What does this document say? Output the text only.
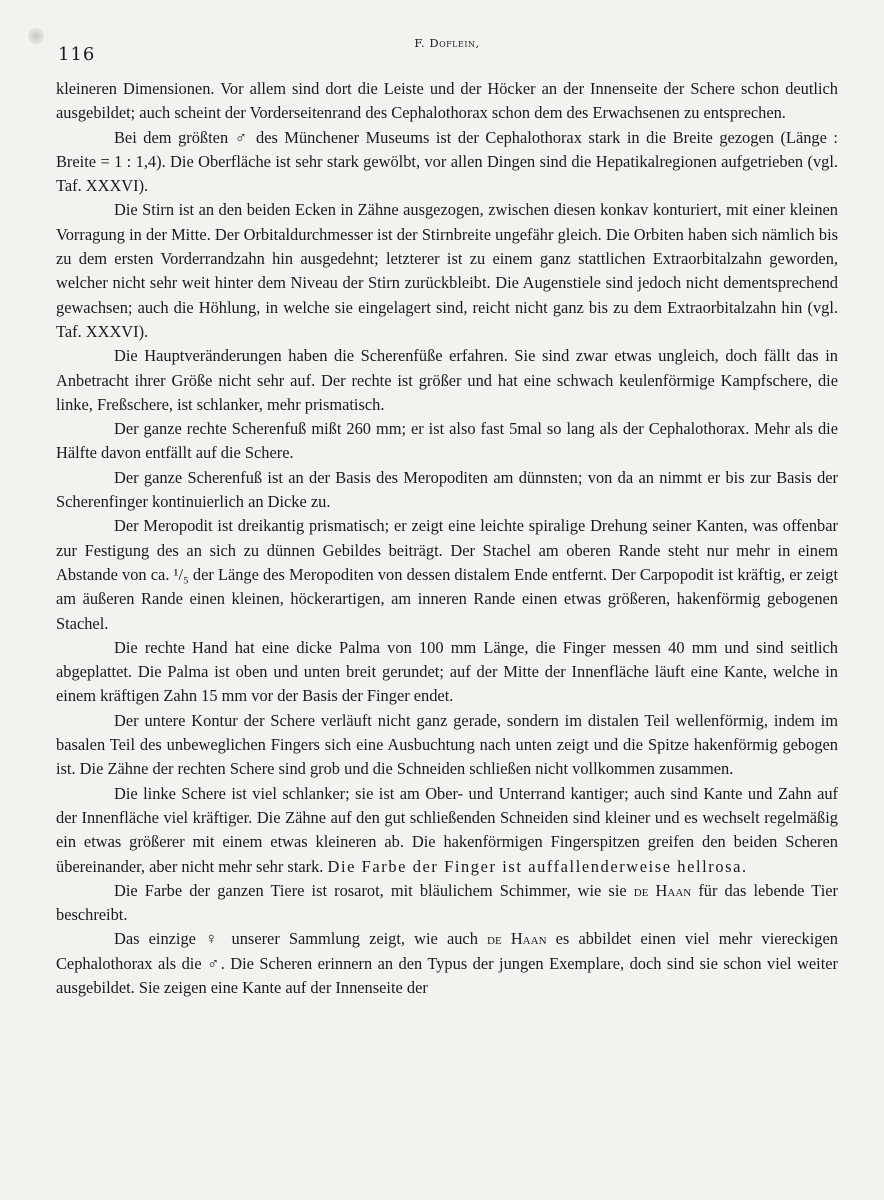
116
F. Doflein,

kleineren Dimensionen. Vor allem sind dort die Leiste und der Höcker an der Innenseite der Schere schon deutlich ausgebildet; auch scheint der Vorderseitenrand des Cephalothorax schon dem des Erwachsenen zu entsprechen.

Bei dem größten ♂ des Münchener Museums ist der Cephalothorax stark in die Breite gezogen (Länge : Breite = 1 : 1,4). Die Oberfläche ist sehr stark gewölbt, vor allen Dingen sind die Hepatikalregionen aufgetrieben (vgl. Taf. XXXVI).

Die Stirn ist an den beiden Ecken in Zähne ausgezogen, zwischen diesen konkav konturiert, mit einer kleinen Vorragung in der Mitte. Der Orbitaldurchmesser ist der Stirnbreite ungefähr gleich. Die Orbiten haben sich nämlich bis zu dem ersten Vorderrandzahn hin ausgedehnt; letzterer ist zu einem ganz stattlichen Extraorbitalzahn geworden, welcher nicht sehr weit hinter dem Niveau der Stirn zurückbleibt. Die Augenstiele sind jedoch nicht dementsprechend gewachsen; auch die Höhlung, in welche sie eingelagert sind, reicht nicht ganz bis zu dem Extraorbitalzahn hin (vgl. Taf. XXXVI).

Die Hauptveränderungen haben die Scherenfüße erfahren. Sie sind zwar etwas ungleich, doch fällt das in Anbetracht ihrer Größe nicht sehr auf. Der rechte ist größer und hat eine schwach keulenförmige Kampfschere, die linke, Freßschere, ist schlanker, mehr prismatisch.

Der ganze rechte Scherenfuß mißt 260 mm; er ist also fast 5mal so lang als der Cephalothorax. Mehr als die Hälfte davon entfällt auf die Schere.

Der ganze Scherenfuß ist an der Basis des Meropoditen am dünnsten; von da an nimmt er bis zur Basis der Scherenfinger kontinuierlich an Dicke zu.

Der Meropodit ist dreikantig prismatisch; er zeigt eine leichte spiralige Drehung seiner Kanten, was offenbar zur Festigung des an sich zu dünnen Gebildes beiträgt. Der Stachel am oberen Rande steht nur mehr in einem Abstande von ca. ¹/₅ der Länge des Meropoditen von dessen distalem Ende entfernt. Der Carpopodit ist kräftig, er zeigt am äußeren Rande einen kleinen, höckerartigen, am inneren Rande einen etwas größeren, hakenförmig gebogenen Stachel.

Die rechte Hand hat eine dicke Palma von 100 mm Länge, die Finger messen 40 mm und sind seitlich abgeplattet. Die Palma ist oben und unten breit gerundet; auf der Mitte der Innenfläche läuft eine Kante, welche in einem kräftigen Zahn 15 mm vor der Basis der Finger endet.

Der untere Kontur der Schere verläuft nicht ganz gerade, sondern im distalen Teil wellenförmig, indem im basalen Teil des unbeweglichen Fingers sich eine Ausbuchtung nach unten zeigt und die Spitze hakenförmig gebogen ist. Die Zähne der rechten Schere sind grob und die Schneiden schließen nicht vollkommen zusammen.

Die linke Schere ist viel schlanker; sie ist am Ober- und Unterrand kantiger; auch sind Kante und Zahn auf der Innenfläche viel kräftiger. Die Zähne auf den gut schließenden Schneiden sind kleiner und es wechselt regelmäßig ein etwas größerer mit einem etwas kleineren ab. Die hakenförmigen Fingerspitzen greifen den beiden Scheren übereinander, aber nicht mehr sehr stark. Die Farbe der Finger ist auffallenderweise hellrosa.

Die Farbe der ganzen Tiere ist rosarot, mit bläulichem Schimmer, wie sie de Haan für das lebende Tier beschreibt.

Das einzige ♀ unserer Sammlung zeigt, wie auch de Haan es abbildet einen viel mehr viereckigen Cephalothorax als die ♂. Die Scheren erinnern an den Typus der jungen Exemplare, doch sind sie schon viel weiter ausgebildet. Sie zeigen eine Kante auf der Innenseite der
